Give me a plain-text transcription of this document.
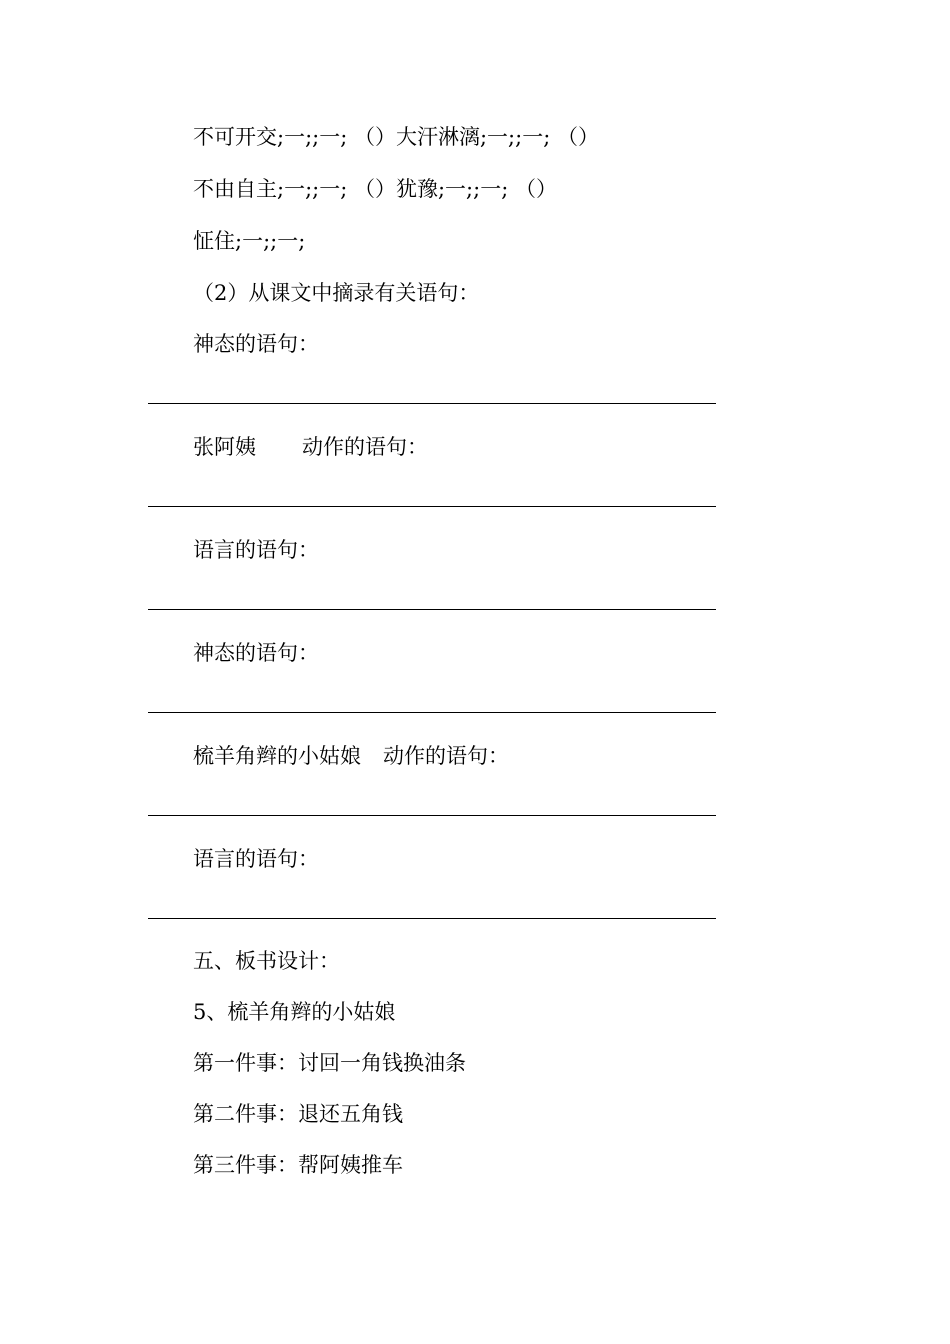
不可开交;一;;一; （）大汗淋漓;一;;一; （）
不由自主;一;;一; （）犹豫;一;;一; （）
怔住;一;;一;
（2）从课文中摘录有关语句：
神态的语句：
张阿姨 动作的语句：
语言的语句：
神态的语句：
梳羊角辫的小姑娘 动作的语句：
语言的语句：
五、板书设计：
5、梳羊角辫的小姑娘
第一件事：讨回一角钱换油条
第二件事：退还五角钱
第三件事：帮阿姨推车
